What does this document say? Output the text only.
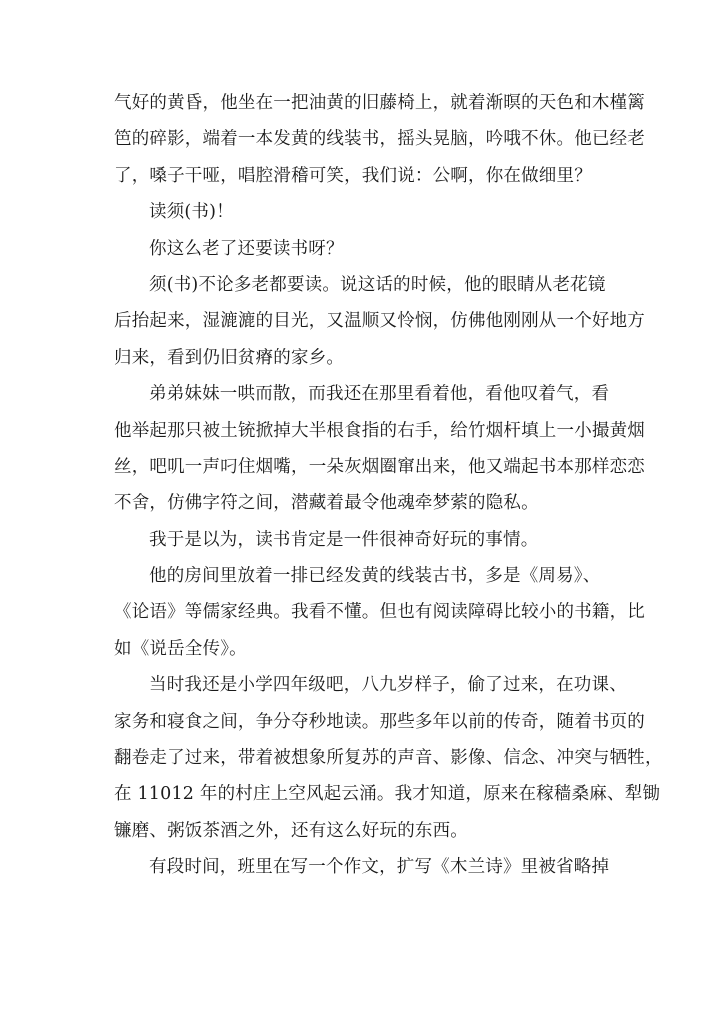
气好的黄昏，他坐在一把油黄的旧藤椅上，就着渐暝的天色和木槿篱
笆的碎影，端着一本发黄的线装书，摇头晃脑，吟哦不休。他已经老
了，嗓子干哑，唱腔滑稽可笑，我们说：公啊，你在做细里？
读须(书)！
你这么老了还要读书呀？
须(书)不论多老都要读。说这话的时候，他的眼睛从老花镜
后抬起来，湿漉漉的目光，又温顺又怜悯，仿佛他刚刚从一个好地方
归来，看到仍旧贫瘠的家乡。
弟弟妹妹一哄而散，而我还在那里看着他，看他叹着气，看
他举起那只被土铳掀掉大半根食指的右手，给竹烟杆填上一小撮黄烟
丝，吧叽一声叼住烟嘴，一朵灰烟圈窜出来，他又端起书本那样恋恋
不舍，仿佛字符之间，潜藏着最令他魂牵梦萦的隐私。
我于是以为，读书肯定是一件很神奇好玩的事情。
他的房间里放着一排已经发黄的线装古书，多是《周易》、
《论语》等儒家经典。我看不懂。但也有阅读障碍比较小的书籍，比
如《说岳全传》。
当时我还是小学四年级吧，八九岁样子，偷了过来，在功课、
家务和寝食之间，争分夺秒地读。那些多年以前的传奇，随着书页的
翻卷走了过来，带着被想象所复苏的声音、影像、信念、冲突与牺牲，
在 11012 年的村庄上空风起云涌。我才知道，原来在稼穑桑麻、犁锄
镰磨、粥饭茶酒之外，还有这么好玩的东西。
有段时间，班里在写一个作文，扩写《木兰诗》里被省略掉
